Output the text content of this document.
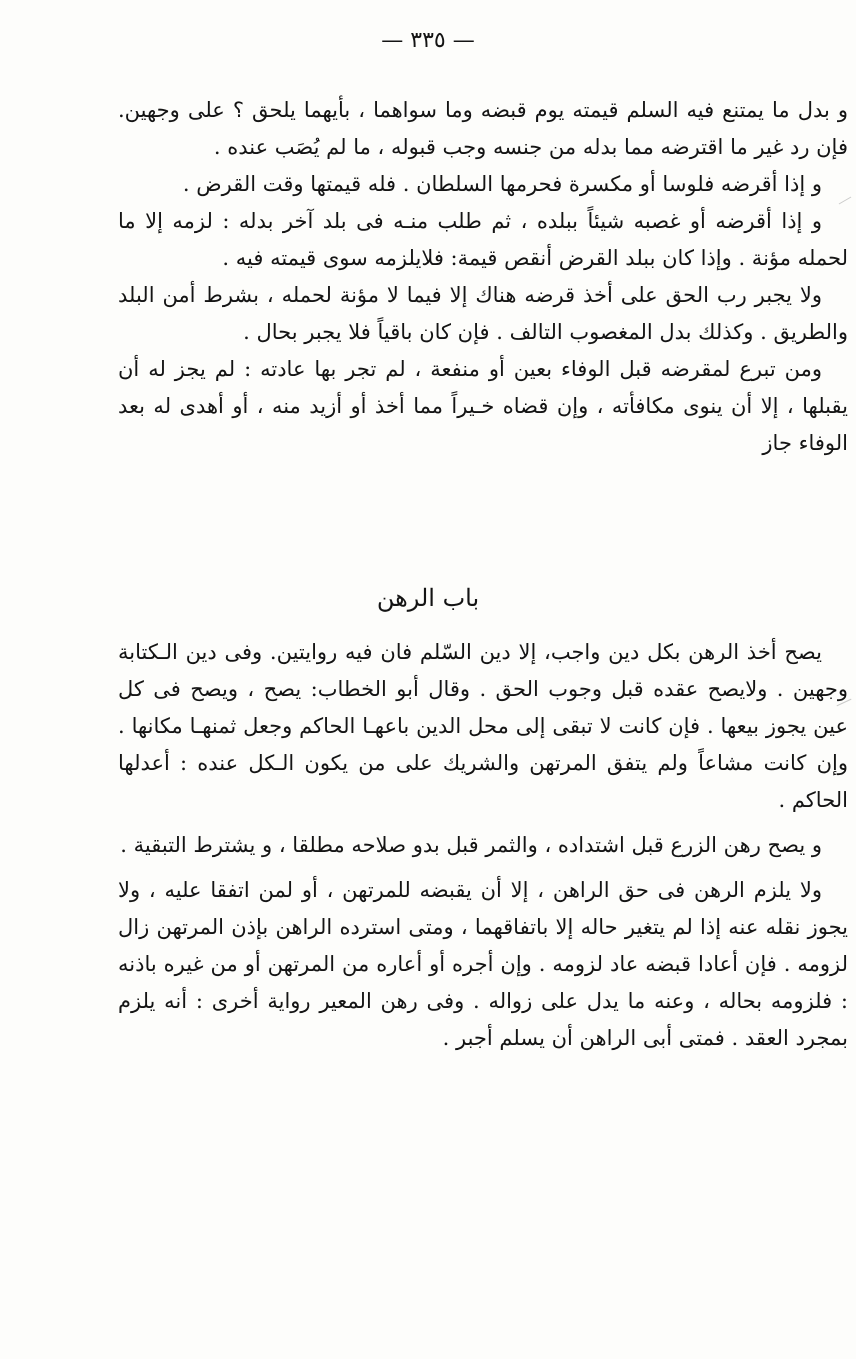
— ٣٣٥ —

و بدل ما يمتنع فيه السلم قيمته يوم قبضه وما سواهما ، بأيهما يلحق ؟ على وجهين. فإن رد غير ما اقترضه مما بدله من جنسه وجب قبوله ، ما لم يُصَب عنده .

و إذا أقرضه فلوسا أو مكسرة فحرمها السلطان . فله قيمتها وقت القرض .

و إذا أقرضه أو غصبه شيئاً ببلده ، ثم طلب منـه فى بلد آخر بدله : لزمه إلا ما لحمله مؤنة . وإذا كان ببلد القرض أنقص قيمة: فلايلزمه سوى قيمته فيه .

ولا يجبر رب الحق على أخذ قرضه هناك إلا فيما لا مؤنة لحمله ، بشرط أمن البلد والطريق . وكذلك بدل المغصوب التالف . فإن كان باقياً فلا يجبر بحال .

ومن تبرع لمقرضه قبل الوفاء بعين أو منفعة ، لم تجر بها عادته : لم يجز له أن يقبلها ، إلا أن ينوى مكافأته ، وإن قضاه خـيراً مما أخذ أو أزيد منه ، أو أهدى له بعد الوفاء جاز

باب الرهن

يصح أخذ الرهن بكل دين واجب، إلا دين السّلم فان فيه روايتين. وفى دين الـكتابة وجهين . ولايصح عقده قبل وجوب الحق . وقال أبو الخطاب: يصح ، ويصح فى كل عين يجوز بيعها . فإن كانت لا تبقى إلى محل الدين باعهـا الحاكم وجعل ثمنهـا مكانها . وإن كانت مشاعاً ولم يتفق المرتهن والشريك على من يكون الـكل عنده : أعدلها الحاكم .

و يصح رهن الزرع قبل اشتداده ، والثمر قبل بدو صلاحه مطلقا ، و يشترط التبقية .

ولا يلزم الرهن فى حق الراهن ، إلا أن يقبضه للمرتهن ، أو لمن اتفقا عليه ، ولا يجوز نقله عنه إذا لم يتغير حاله إلا باتفاقهما ، ومتى استرده الراهن بإذن المرتهن زال لزومه . فإن أعادا قبضه عاد لزومه . وإن أجره أو أعاره من المرتهن أو من غيره باذنه : فلزومه بحاله ، وعنه ما يدل على زواله . وفى رهن المعير رواية أخرى : أنه يلزم بمجرد العقد . فمتى أبى الراهن أن يسلم أجبر .
